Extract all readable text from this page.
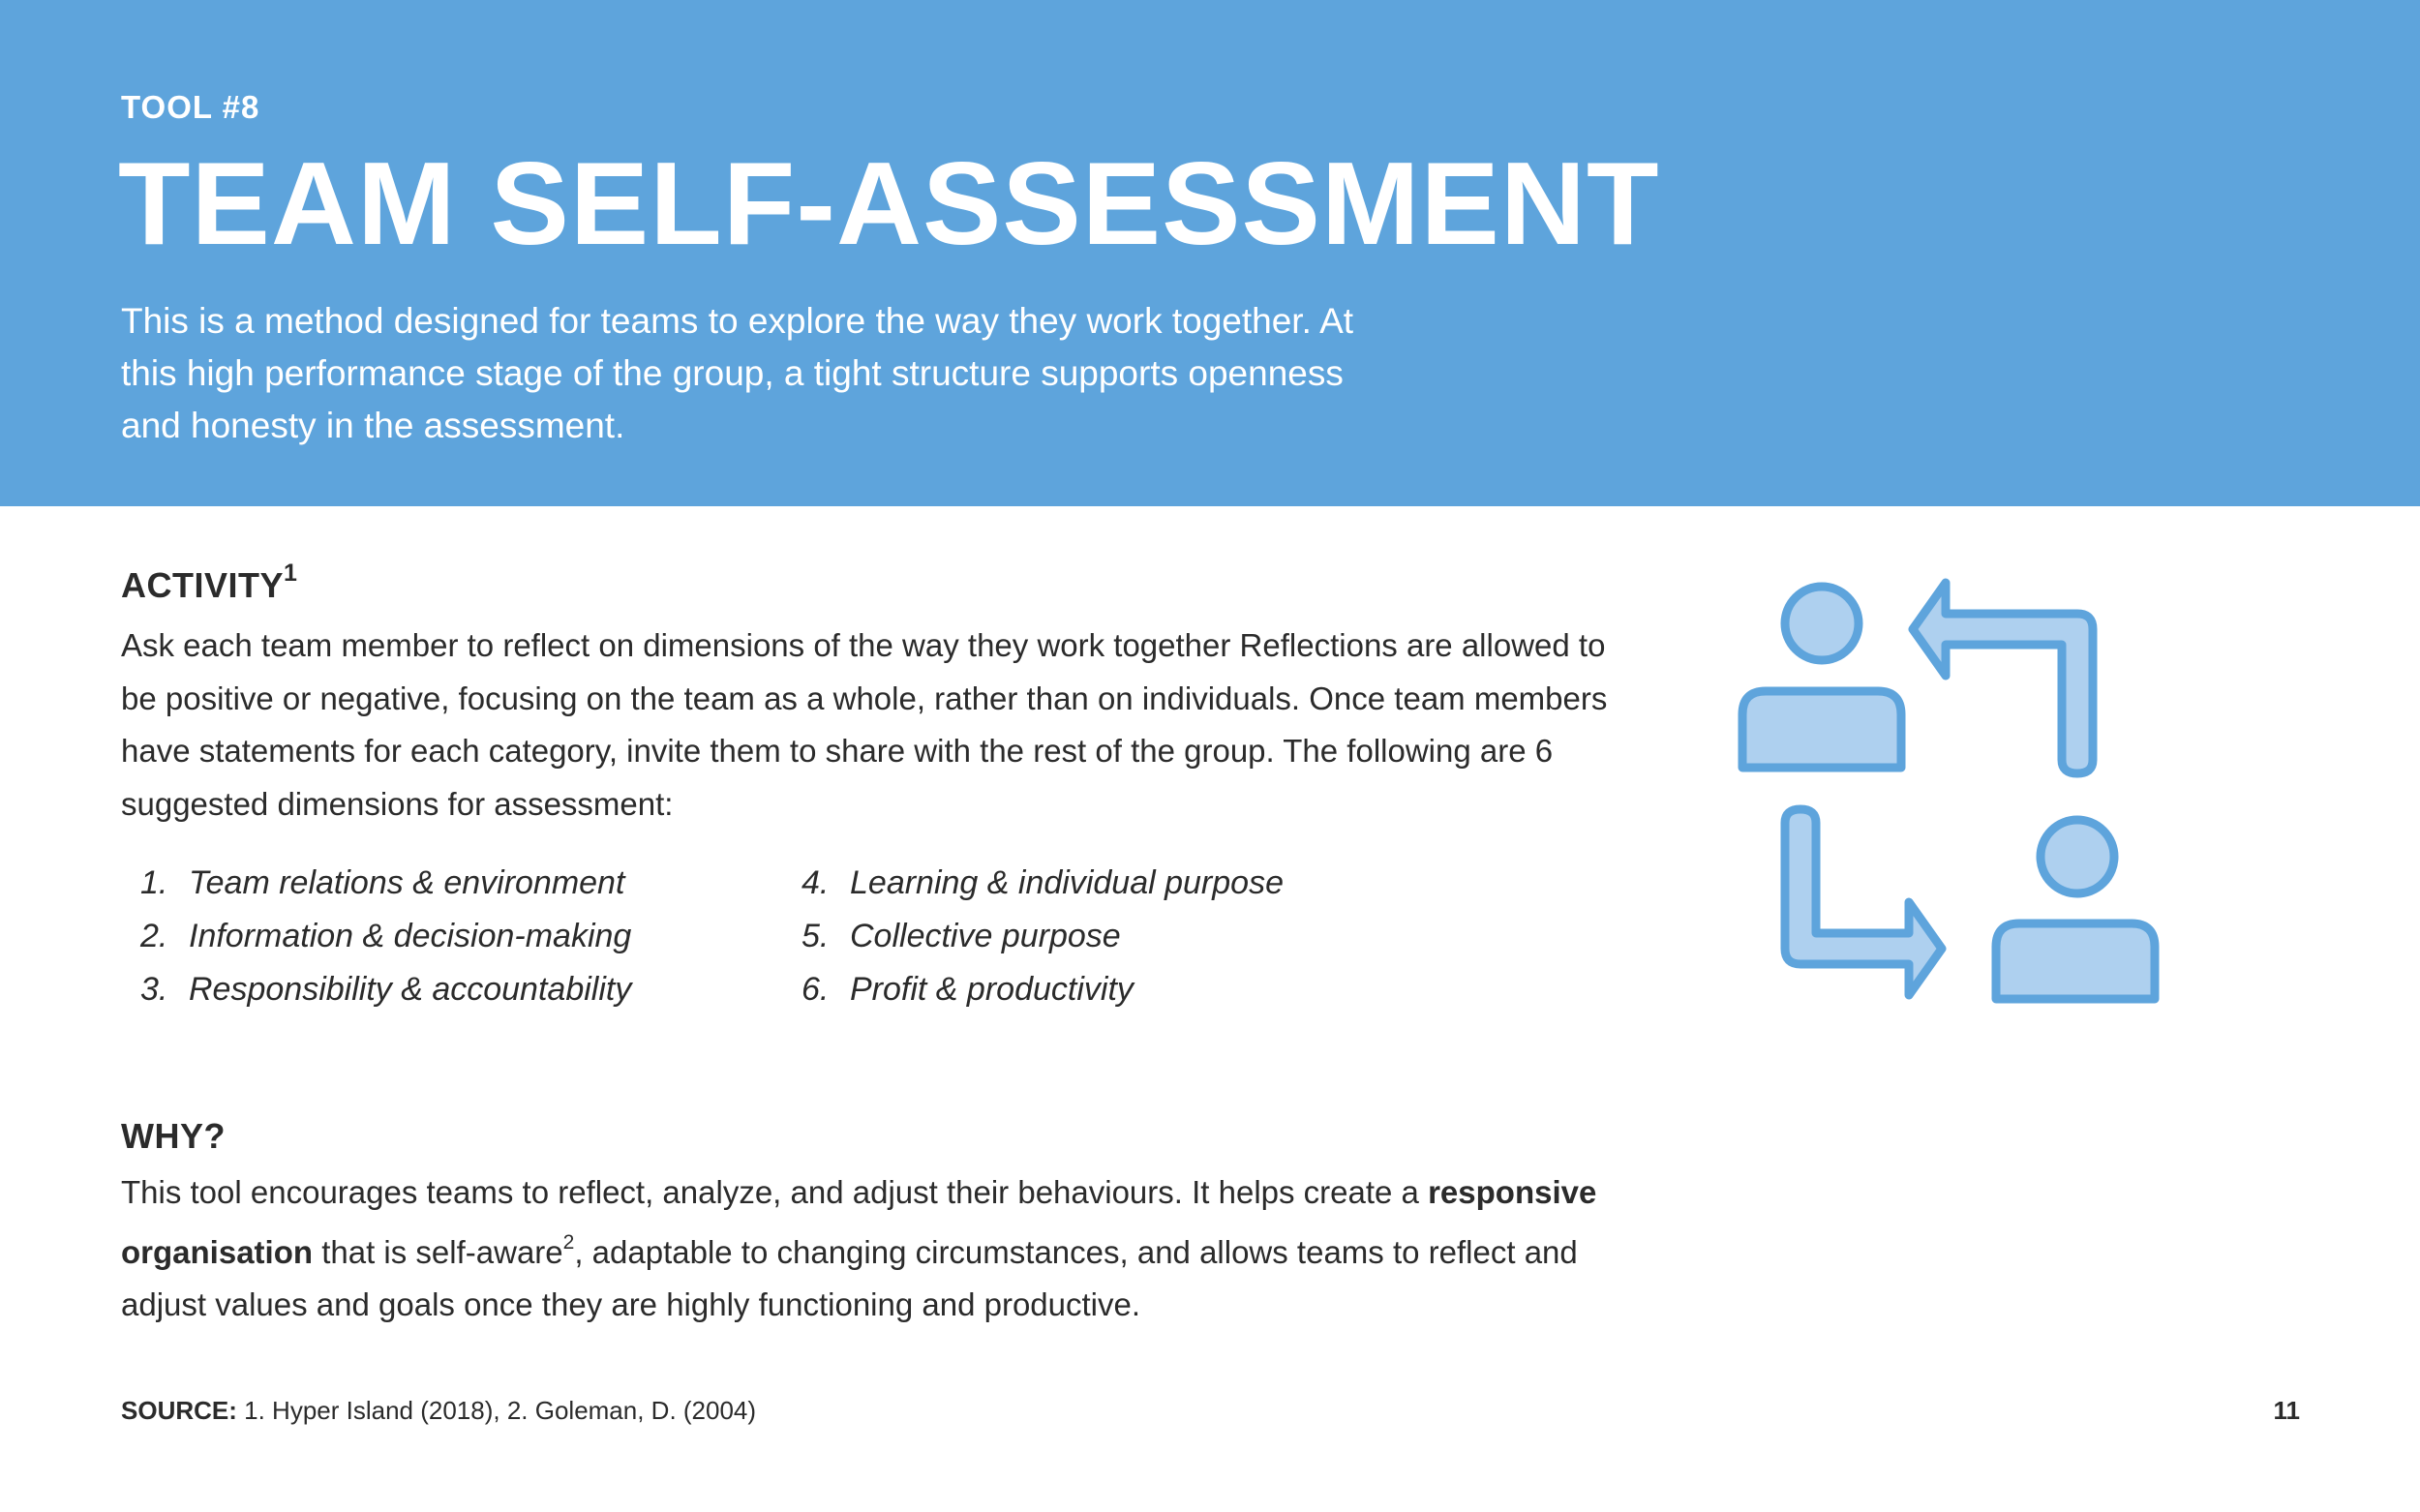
TOOL #8
TEAM SELF-ASSESSMENT

This is a method designed for teams to explore the way they work together. At this high performance stage of the group, a tight structure supports openness and honesty in the assessment.

ACTIVITY$^1$

Ask each team member to reflect on dimensions of the way they work together Reflections are allowed to be positive or negative, focusing on the team as a whole, rather than on individuals. Once team members have statements for each category, invite them to share with the rest of the group. The following are 6 suggested dimensions for assessment:

1. Team relations & environment
2. Information & decision-making
3. Responsibility & accountability
4. Learning & individual purpose
5. Collective purpose
6. Profit & productivity
WHY?

This tool encourages teams to reflect, analyze, and adjust their behaviours. It helps create a responsive organisation that is self-aware$^2$, adaptable to changing circumstances, and allows teams to reflect and adjust values and goals once they are highly functioning and productive.

SOURCE: 1. Hyper Island (2018), 2. Goleman, D. (2004)	11
